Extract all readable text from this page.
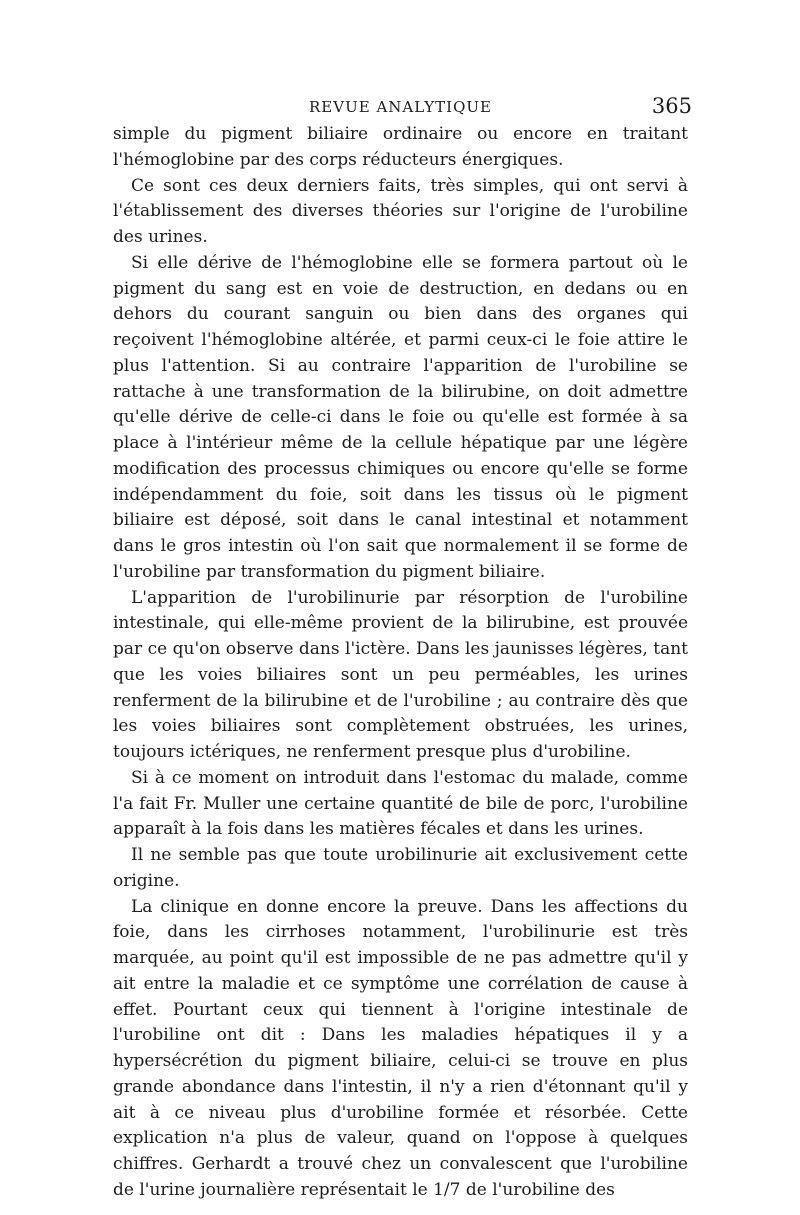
REVUE ANALYTIQUE	365

simple du pigment biliaire ordinaire ou encore en traitant l'hémoglobine par des corps réducteurs énergiques.

Ce sont ces deux derniers faits, très simples, qui ont servi à l'établissement des diverses théories sur l'origine de l'urobiline des urines.

Si elle dérive de l'hémoglobine elle se formera partout où le pigment du sang est en voie de destruction, en dedans ou en dehors du courant sanguin ou bien dans des organes qui reçoivent l'hémoglobine altérée, et parmi ceux-ci le foie attire le plus l'attention. Si au contraire l'apparition de l'urobiline se rattache à une transformation de la bilirubine, on doit admettre qu'elle dérive de celle-ci dans le foie ou qu'elle est formée à sa place à l'intérieur même de la cellule hépatique par une légère modification des processus chimiques ou encore qu'elle se forme indépendamment du foie, soit dans les tissus où le pigment biliaire est déposé, soit dans le canal intestinal et notamment dans le gros intestin où l'on sait que normalement il se forme de l'urobiline par transformation du pigment biliaire.

L'apparition de l'urobilinurie par résorption de l'urobiline intestinale, qui elle-même provient de la bilirubine, est prouvée par ce qu'on observe dans l'ictère. Dans les jaunisses légères, tant que les voies biliaires sont un peu perméables, les urines renferment de la bilirubine et de l'urobiline ; au contraire dès que les voies biliaires sont complètement obstruées, les urines, toujours ictériques, ne renferment presque plus d'urobiline.

Si à ce moment on introduit dans l'estomac du malade, comme l'a fait Fr. Muller une certaine quantité de bile de porc, l'urobiline apparaît à la fois dans les matières fécales et dans les urines.

Il ne semble pas que toute urobilinurie ait exclusivement cette origine.

La clinique en donne encore la preuve. Dans les affections du foie, dans les cirrhoses notamment, l'urobilinurie est très marquée, au point qu'il est impossible de ne pas admettre qu'il y ait entre la maladie et ce symptôme une corrélation de cause à effet. Pourtant ceux qui tiennent à l'origine intestinale de l'urobiline ont dit : Dans les maladies hépatiques il y a hypersécrétion du pigment biliaire, celui-ci se trouve en plus grande abondance dans l'intestin, il n'y a rien d'étonnant qu'il y ait à ce niveau plus d'urobiline formée et résorbée. Cette explication n'a plus de valeur, quand on l'oppose à quelques chiffres. Gerhardt a trouvé chez un convalescent que l'urobiline de l'urine journalière représentait le 1/7 de l'urobiline des
